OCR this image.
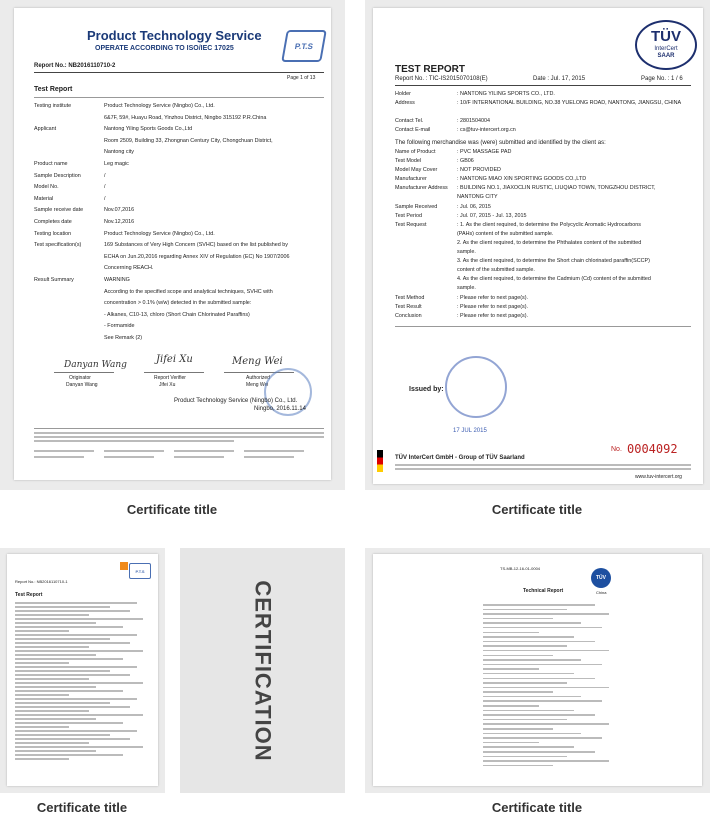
Product Technology Service
OPERATE ACCORDING TO ISO/IEC 17025	P.T.S
Report No.: NB2016110710-2
Page 1 of 13
Test Report
Testing institute	Product Technology Service (Ningbo) Co., Ltd.
6&7F, 59#, Huayu Road, Yinzhou District, Ningbo 315192 P.R.China
Applicant	Nantong Yiling Sports Goods Co.,Ltd
Room 2509, Building 33, Zhongnan Century City, Chongchuan District,
Nantong city
Product name	Leg magic
Sample Description	/
Model No.	/
Material	/
Sample receive date	Nov.07,2016
Completes date	Nov.12,2016
Testing location	Product Technology Service (Ningbo) Co., Ltd.
Test specification(s)	169 Substances of Very High Concern (SVHC) based on the list published by
ECHA on Jun.20,2016 regarding Annex XIV of Regulation (EC) No 1907/2006
Concerning REACH.
Result Summary	WARNING
According to the specified scope and analytical techniques, SVHC with
concentration > 0.1% (w/w) detected in the submitted sample:
- Alkanes, C10-13, chloro (Short Chain Chlorinated Paraffins)
- Formamide
See Remark (2)
Danyan Wang	Jifei Xu	Meng Wei
Originator
Danyan Wang
Report Verifier
Jifei Xu
Authorized
Meng Wei
Product Technology Service (Ningbo) Co., Ltd.
Ningbo, 2016.11.14
Certificate title
TÜV
InterCert
SAAR
TEST REPORT
Report No. : TIC-IS2015070108(E)	Date : Jul. 17, 2015	Page No. : 1 / 6
Holder	: NANTONG YILING SPORTS CO., LTD.
Address	: 10/F INTERNATIONAL BUILDING, NO.38 YUELONG ROAD, NANTONG, JIANGSU, CHINA
Contact Tel.	: 2801504004
Contact E-mail	: cs@tuv-intercert.org.cn
The following merchandise was (were) submitted and identified by the client as:
Name of Product	: PVC MASSAGE PAD
Test Model	: GB06
Model May Cover	: NOT PROVIDED
Manufacturer	: NANTONG MIAO XIN SPORTING GOODS CO.,LTD
Manufacturer Address : BUILDING NO.1, JIAXOCLIN RUSTIC, LIUQIAO TOWN, TONGZHOU DISTRICT,
NANTONG CITY
Sample Received	: Jul. 06, 2015
Test Period	: Jul. 07, 2015 - Jul. 13, 2015
Test Request	: 1. As the client required, to determine the Polycyclic Aromatic Hydrocarbons
(PAHs) content of the submitted sample.
2. As the client required, to determine the Phthalates content of the submitted
sample.
3. As the client required, to determine the Short chain chlorinated paraffin(SCCP)
content of the submitted sample.
4. As the client required, to determine the Cadmium (Cd) content of the submitted
sample.
Test Method	: Please refer to next page(s).
Test Result	: Please refer to next page(s).
Conclusion	: Please refer to next page(s).
Issued by:
17 JUL 2015
No. 0004092
TÜV InterCert GmbH - Group of TÜV Saarland
www.tuv-intercert.org
Certificate title
P.T.S
Report No.: NB2016110710-1
Test Report
Certificate title
CERTIFICATION
TS-MB-12-16-01-0004
TÜV
China
Technical Report
Certificate title
